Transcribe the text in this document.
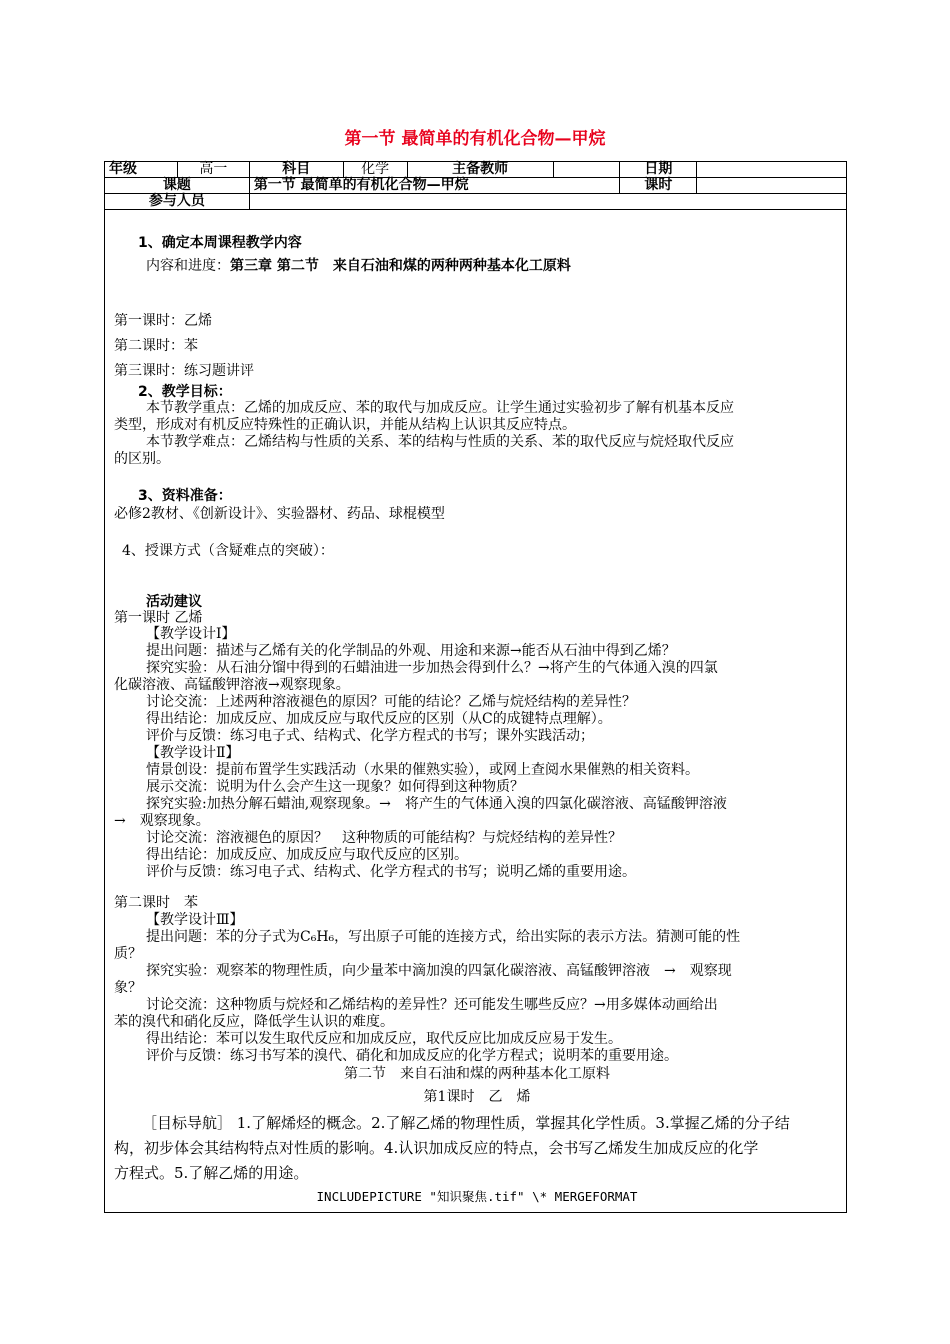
第一节 最简单的有机化合物—甲烷
年级	高一	科目	化学	主备教师		日期	
课题		第一节 最简单的有机化合物—甲烷				课时	
参与人员							

1、确定本周课程教学内容

内容和进度：第三章 第二节　来自石油和煤的两种两种基本化工原料

第一课时：乙烯

第二课时：苯

第三课时：练习题讲评

2、教学目标：

本节教学重点：乙烯的加成反应、苯的取代与加成反应。让学生通过实验初步了解有机基本反应

类型，形成对有机反应特殊性的正确认识，并能从结构上认识其反应特点。

本节教学难点：乙烯结构与性质的关系、苯的结构与性质的关系、苯的取代反应与烷烃取代反应

的区别。

3、资料准备：

必修2教材、《创新设计》、实验器材、药品、球棍模型

4、授课方式（含疑难点的突破）：

活动建议

第一课时 乙烯

【教学设计Ⅰ】

提出问题：描述与乙烯有关的化学制品的外观、用途和来源→能否从石油中得到乙烯？

探究实验：从石油分馏中得到的石蜡油进一步加热会得到什么？→将产生的气体通入溴的四氯

化碳溶液、高锰酸钾溶液→观察现象。

讨论交流：上述两种溶液褪色的原因？可能的结论？乙烯与烷烃结构的差异性？

得出结论：加成反应、加成反应与取代反应的区别（从C的成键特点理解）。

评价与反馈：练习电子式、结构式、化学方程式的书写；课外实践活动；

【教学设计Ⅱ】

情景创设：提前布置学生实践活动（水果的催熟实验），或网上查阅水果催熟的相关资料。

展示交流：说明为什么会产生这一现象？如何得到这种物质？

探究实验:加热分解石蜡油,观察现象。→　将产生的气体通入溴的四氯化碳溶液、高锰酸钾溶液

→　观察现象。

讨论交流：溶液褪色的原因？　这种物质的可能结构？与烷烃结构的差异性？

得出结论：加成反应、加成反应与取代反应的区别。

评价与反馈：练习电子式、结构式、化学方程式的书写；说明乙烯的重要用途。

第二课时　苯

【教学设计Ⅲ】

提出问题：苯的分子式为C₆H₆，写出原子可能的连接方式，给出实际的表示方法。猜测可能的性

质？

探究实验：观察苯的物理性质，向少量苯中滴加溴的四氯化碳溶液、高锰酸钾溶液　→　观察现

象？

讨论交流：这种物质与烷烃和乙烯结构的差异性？还可能发生哪些反应？→用多媒体动画给出

苯的溴代和硝化反应，降低学生认识的难度。

得出结论：苯可以发生取代反应和加成反应，取代反应比加成反应易于发生。

评价与反馈：练习书写苯的溴代、硝化和加成反应的化学方程式；说明苯的重要用途。

第二节　来自石油和煤的两种基本化工原料

第1课时　乙　烯

［目标导航］ 1.了解烯烃的概念。2.了解乙烯的物理性质，掌握其化学性质。3.掌握乙烯的分子结

构，初步体会其结构特点对性质的影响。4.认识加成反应的特点，会书写乙烯发生加成反应的化学

方程式。5.了解乙烯的用途。

INCLUDEPICTURE "知识聚焦.tif" \* MERGEFORMAT
